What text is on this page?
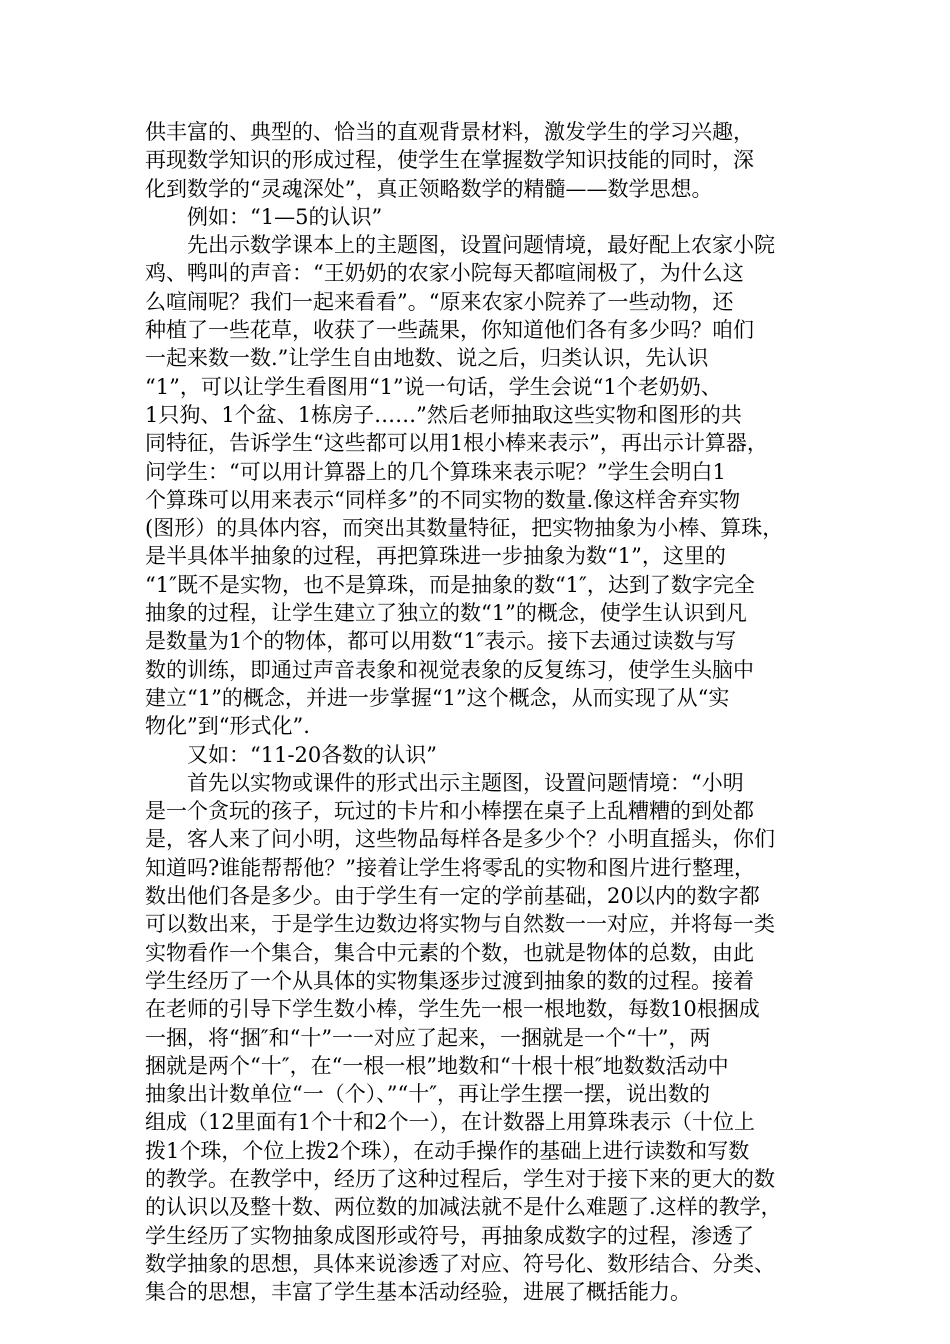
供丰富的、典型的、恰当的直观背景材料，激发学生的学习兴趣，
再现数学知识的形成过程，使学生在掌握数学知识技能的同时，深
化到数学的“灵魂深处”，真正领略数学的精髓——数学思想。
例如：“1—5的认识”
先出示数学课本上的主题图，设置问题情境，最好配上农家小院
鸡、鸭叫的声音：“王奶奶的农家小院每天都喧闹极了，为什么这
么喧闹呢？我们一起来看看”。“原来农家小院养了一些动物，还
种植了一些花草，收获了一些蔬果，你知道他们各有多少吗？咱们
一起来数一数.”让学生自由地数、说之后，归类认识，先认识
“1”，可以让学生看图用“1”说一句话，学生会说“1个老奶奶、
1只狗、1个盆、1栋房子……”然后老师抽取这些实物和图形的共
同特征，告诉学生“这些都可以用1根小棒来表示”，再出示计算器，
问学生：“可以用计算器上的几个算珠来表示呢？”学生会明白1
个算珠可以用来表示“同样多”的不同实物的数量.像这样舍弃实物
(图形）的具体内容，而突出其数量特征，把实物抽象为小棒、算珠，
是半具体半抽象的过程，再把算珠进一步抽象为数“1”，这里的
“1″既不是实物，也不是算珠，而是抽象的数“1″，达到了数字完全
抽象的过程，让学生建立了独立的数“1”的概念，使学生认识到凡
是数量为1个的物体，都可以用数“1″表示。接下去通过读数与写
数的训练，即通过声音表象和视觉表象的反复练习，使学生头脑中
建立“1”的概念，并进一步掌握“1”这个概念，从而实现了从“实
物化”到“形式化”.
又如：“11-20各数的认识”
首先以实物或课件的形式出示主题图，设置问题情境：“小明
是一个贪玩的孩子，玩过的卡片和小棒摆在桌子上乱糟糟的到处都
是，客人来了问小明，这些物品每样各是多少个？小明直摇头，你们
知道吗?谁能帮帮他？”接着让学生将零乱的实物和图片进行整理，
数出他们各是多少。由于学生有一定的学前基础，20以内的数字都
可以数出来，于是学生边数边将实物与自然数一一对应，并将每一类
实物看作一个集合，集合中元素的个数，也就是物体的总数，由此
学生经历了一个从具体的实物集逐步过渡到抽象的数的过程。接着
在老师的引导下学生数小棒，学生先一根一根地数，每数10根捆成
一捆，将“捆″和“十”一一对应了起来，一捆就是一个“十”，两
捆就是两个“十″，在“一根一根”地数和“十根十根″地数数活动中
抽象出计数单位“一（个）、”“十″，再让学生摆一摆，说出数的
组成（12里面有1个十和2个一），在计数器上用算珠表示（十位上
拨1个珠，个位上拨2个珠），在动手操作的基础上进行读数和写数
的教学。在教学中，经历了这种过程后，学生对于接下来的更大的数
的认识以及整十数、两位数的加减法就不是什么难题了.这样的教学，
学生经历了实物抽象成图形或符号，再抽象成数字的过程，渗透了
数学抽象的思想，具体来说渗透了对应、符号化、数形结合、分类、
集合的思想，丰富了学生基本活动经验，进展了概括能力。
